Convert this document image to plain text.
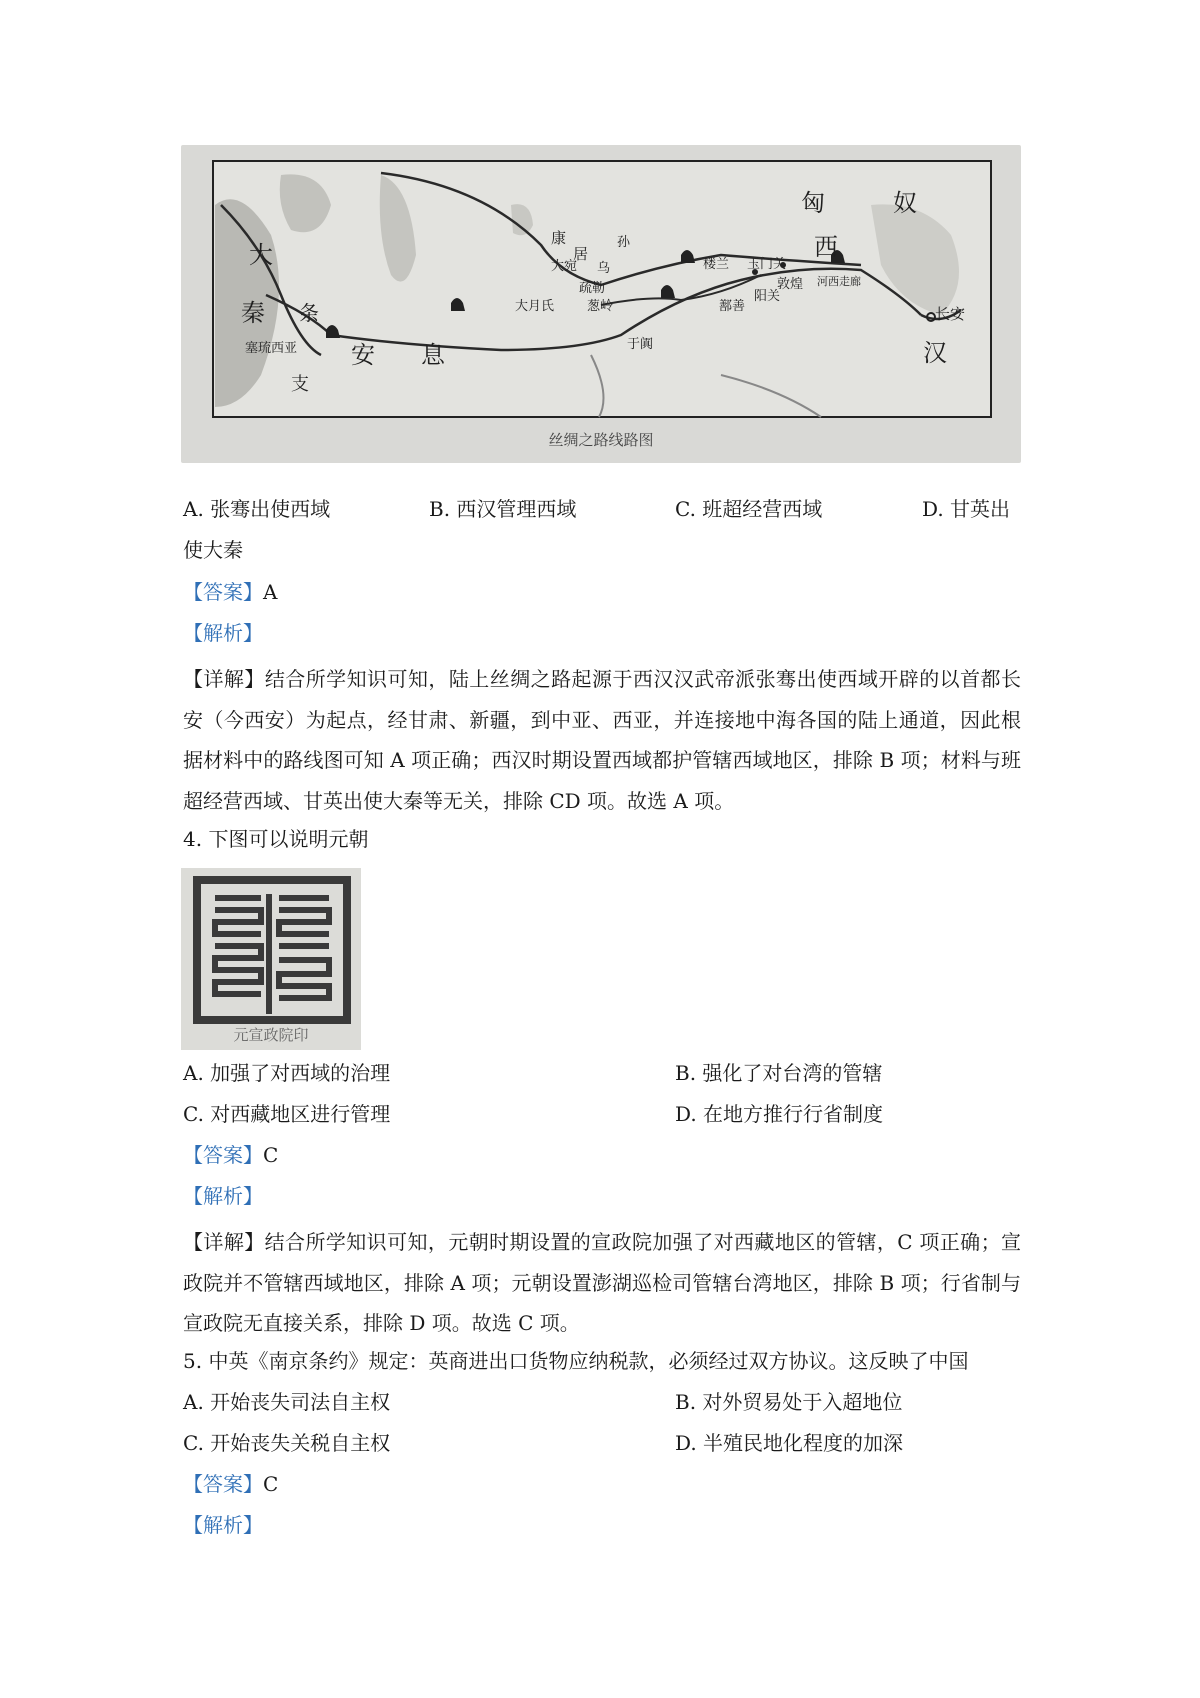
匈	奴
西
汉
长安
大
秦 条
支
安 息
康
居
乌
孙
大宛
疏勒
葱岭
大月氏
楼兰 玉门关
敦煌
阳关
河西走廊
鄯善
于阗
塞琉西亚
丝绸之路线路图
A. 张骞出使西域	B. 西汉管理西域	C. 班超经营西域	D. 甘英出
使大秦
【答案】A
【解析】
【详解】结合所学知识可知，陆上丝绸之路起源于西汉汉武帝派张骞出使西域开辟的以首都长安（今西安）为起点，经甘肃、新疆，到中亚、西亚，并连接地中海各国的陆上通道，因此根据材料中的路线图可知 A 项正确；西汉时期设置西域都护管辖西域地区，排除 B 项；材料与班超经营西域、甘英出使大秦等无关，排除 CD 项。故选 A 项。
4. 下图可以说明元朝
元宣政院印
A. 加强了对西域的治理	B. 强化了对台湾的管辖
C. 对西藏地区进行管理	D. 在地方推行行省制度
【答案】C
【解析】
【详解】结合所学知识可知，元朝时期设置的宣政院加强了对西藏地区的管辖，C 项正确；宣政院并不管辖西域地区，排除 A 项；元朝设置澎湖巡检司管辖台湾地区，排除 B 项；行省制与宣政院无直接关系，排除 D 项。故选 C 项。
5. 中英《南京条约》规定：英商进出口货物应纳税款，必须经过双方协议。这反映了中国
A. 开始丧失司法自主权	B. 对外贸易处于入超地位
C. 开始丧失关税自主权	D. 半殖民地化程度的加深
【答案】C
【解析】
